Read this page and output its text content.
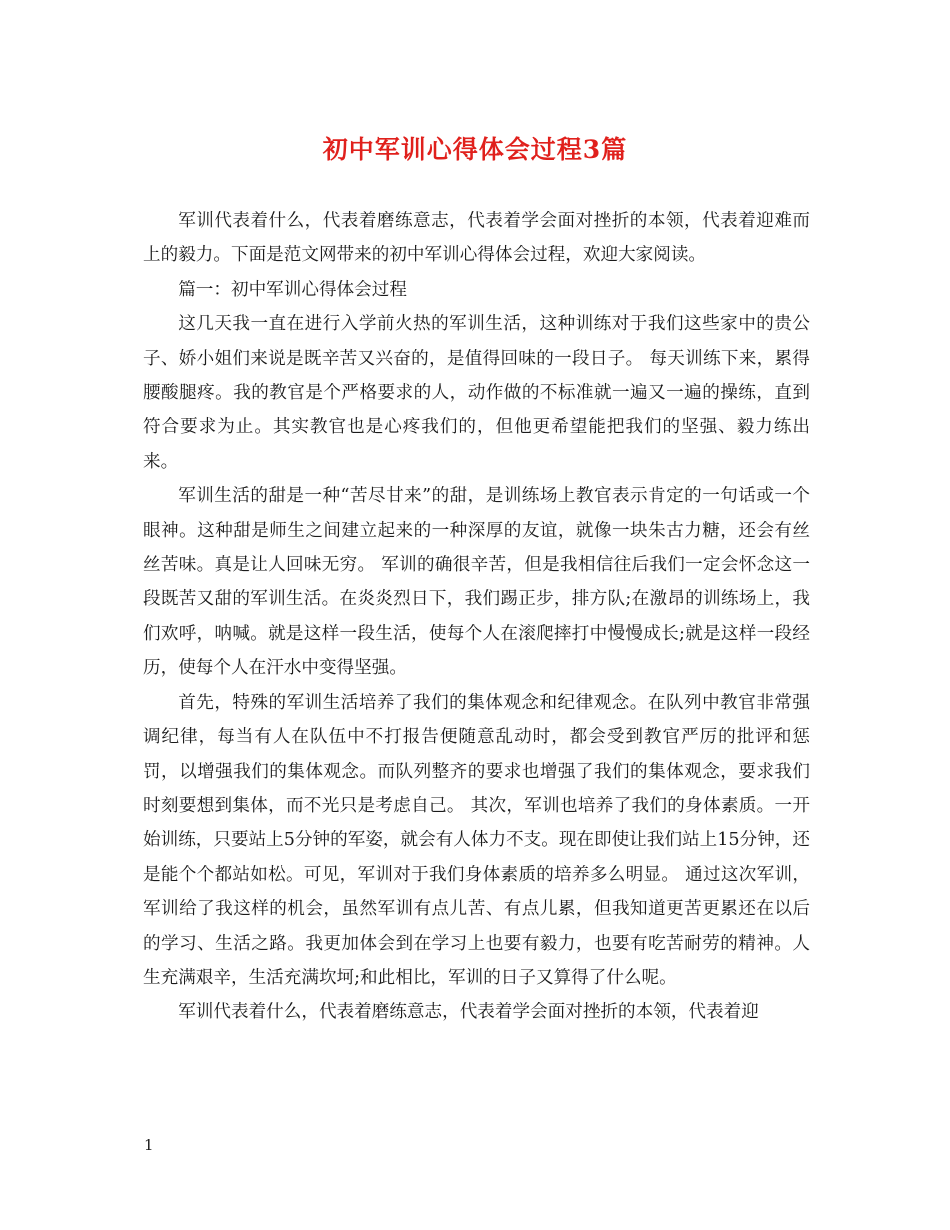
初中军训心得体会过程3篇

军训代表着什么，代表着磨练意志，代表着学会面对挫折的本领，代表着迎难而上的毅力。下面是范文网带来的初中军训心得体会过程，欢迎大家阅读。

篇一：初中军训心得体会过程

这几天我一直在进行入学前火热的军训生活，这种训练对于我们这些家中的贵公子、娇小姐们来说是既辛苦又兴奋的，是值得回味的一段日子。 每天训练下来，累得腰酸腿疼。我的教官是个严格要求的人，动作做的不标准就一遍又一遍的操练，直到符合要求为止。其实教官也是心疼我们的，但他更希望能把我们的坚强、毅力练出来。

军训生活的甜是一种“苦尽甘来”的甜，是训练场上教官表示肯定的一句话或一个眼神。这种甜是师生之间建立起来的一种深厚的友谊，就像一块朱古力糖，还会有丝丝苦味。真是让人回味无穷。 军训的确很辛苦，但是我相信往后我们一定会怀念这一段既苦又甜的军训生活。在炎炎烈日下，我们踢正步，排方队;在激昂的训练场上，我们欢呼，呐喊。就是这样一段生活，使每个人在滚爬摔打中慢慢成长;就是这样一段经历，使每个人在汗水中变得坚强。

首先，特殊的军训生活培养了我们的集体观念和纪律观念。在队列中教官非常强调纪律，每当有人在队伍中不打报告便随意乱动时，都会受到教官严厉的批评和惩罚，以增强我们的集体观念。而队列整齐的要求也增强了我们的集体观念，要求我们时刻要想到集体，而不光只是考虑自己。 其次，军训也培养了我们的身体素质。一开始训练，只要站上5分钟的军姿，就会有人体力不支。现在即使让我们站上15分钟，还是能个个都站如松。可见，军训对于我们身体素质的培养多么明显。 通过这次军训，军训给了我这样的机会，虽然军训有点儿苦、有点儿累，但我知道更苦更累还在以后的学习、生活之路。我更加体会到在学习上也要有毅力，也要有吃苦耐劳的精神。人生充满艰辛，生活充满坎坷;和此相比，军训的日子又算得了什么呢。

军训代表着什么，代表着磨练意志，代表着学会面对挫折的本领，代表着迎

1
